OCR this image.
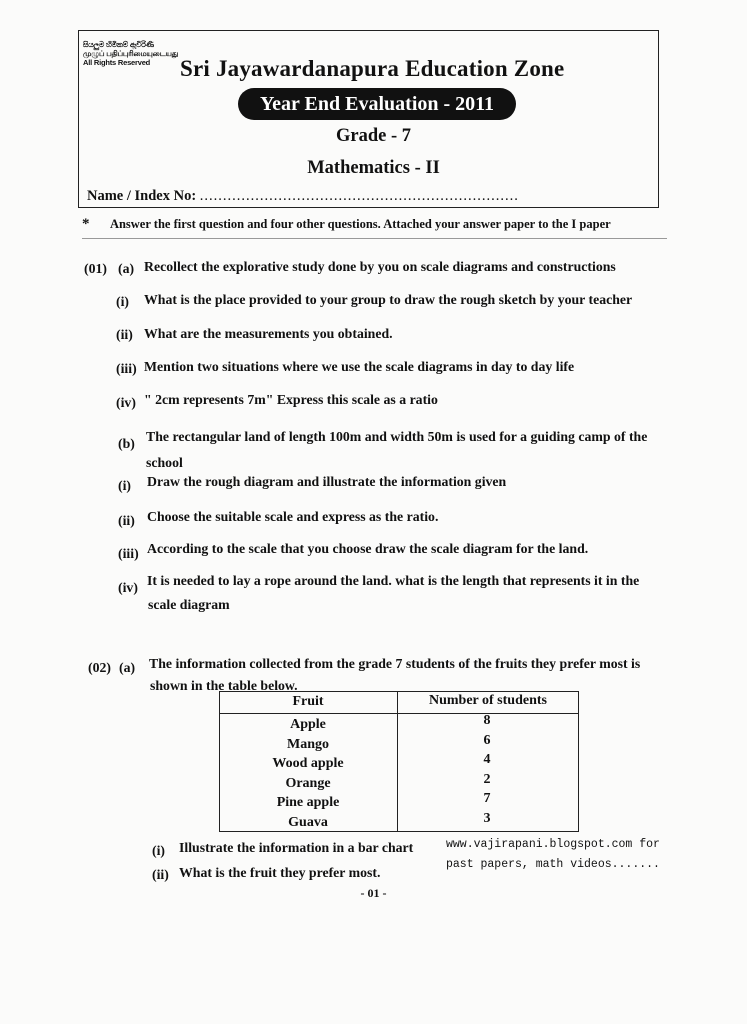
සියලුම හිමිකම් ඇවිරිණි
முழுப் பதிப்புரிமையுடையது
All Rights Reserved	Sri Jayawardanapura Education Zone
Year End Evaluation - 2011
Grade - 7
Mathematics - II
Name / Index No: .....................................................................
* Answer the first question and four other questions. Attached your answer paper to the I paper
(01) (a) Recollect the explorative study done by you on scale diagrams and constructions
(i) What is the place provided to your group to draw the rough sketch by your teacher
(ii) What are the measurements you obtained.
(iii) Mention two situations where we use the scale diagrams in day to day life
(iv) " 2cm represents 7m" Express this scale as a ratio
(b) The rectangular land of length 100m and width 50m is used for a guiding camp of the
school
(i) Draw the rough diagram and illustrate the information given
(ii) Choose the suitable scale and express as the ratio.
(iii) According to the scale that you choose draw the scale diagram for the land.
(iv) It is needed to lay a rope around the land. what is the length that represents it in the
scale diagram
(02) (a) The information collected from the grade 7 students of the fruits they prefer most is
shown in the table below.
Fruit	Number of students
Apple
Mango
Wood apple
Orange
Pine apple
Guava
8
6
4
2
7
3
(i) Illustrate the information in a bar chart
(ii) What is the fruit they prefer most.
www.vajirapani.blogspot.com for
past papers, math videos.......
- 01 -
